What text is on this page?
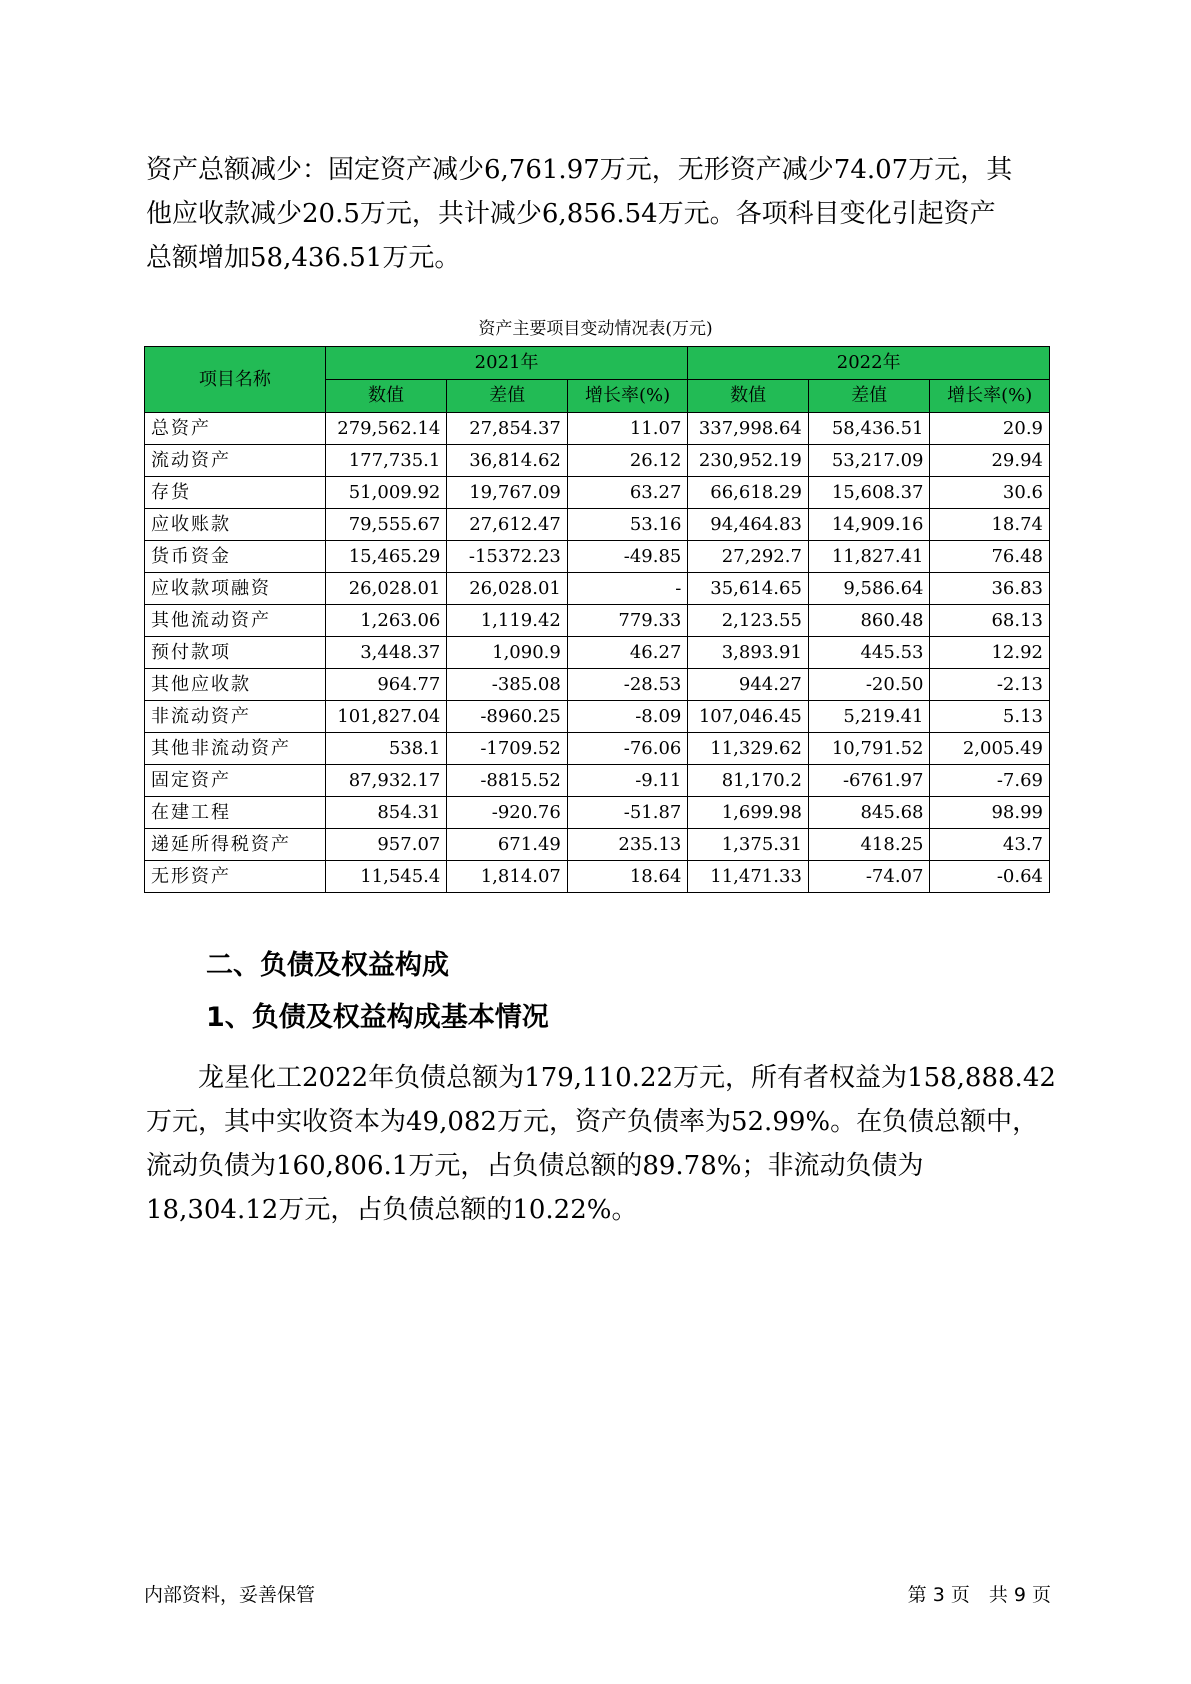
资产总额减少：固定资产减少6,761.97万元，无形资产减少74.07万元，其
他应收款减少20.5万元，共计减少6,856.54万元。各项科目变化引起资产
总额增加58,436.51万元。
资产主要项目变动情况表(万元)
项目名称	2021年			2022年		
	数值	差值	增长率(%)	数值	差值	增长率(%)
总资产	279,562.14	27,854.37	11.07	337,998.64	58,436.51	20.9
流动资产	177,735.1	36,814.62	26.12	230,952.19	53,217.09	29.94
存货	51,009.92	19,767.09	63.27	66,618.29	15,608.37	30.6
应收账款	79,555.67	27,612.47	53.16	94,464.83	14,909.16	18.74
货币资金	15,465.29	-15372.23	-49.85	27,292.7	11,827.41	76.48
应收款项融资	26,028.01	26,028.01	-	35,614.65	9,586.64	36.83
其他流动资产	1,263.06	1,119.42	779.33	2,123.55	860.48	68.13
预付款项	3,448.37	1,090.9	46.27	3,893.91	445.53	12.92
其他应收款	964.77	-385.08	-28.53	944.27	-20.50	-2.13
非流动资产	101,827.04	-8960.25	-8.09	107,046.45	5,219.41	5.13
其他非流动资产	538.1	-1709.52	-76.06	11,329.62	10,791.52	2,005.49
固定资产	87,932.17	-8815.52	-9.11	81,170.2	-6761.97	-7.69
在建工程	854.31	-920.76	-51.87	1,699.98	845.68	98.99
递延所得税资产	957.07	671.49	235.13	1,375.31	418.25	43.7
无形资产	11,545.4	1,814.07	18.64	11,471.33	-74.07	-0.64
二、负债及权益构成
1、负债及权益构成基本情况
　　龙星化工2022年负债总额为179,110.22万元，所有者权益为158,888.42
万元，其中实收资本为49,082万元，资产负债率为52.99%。在负债总额中，
流动负债为160,806.1万元，占负债总额的89.78%；非流动负债为
18,304.12万元，占负债总额的10.22%。
内部资料，妥善保管	第 3 页　共 9 页
